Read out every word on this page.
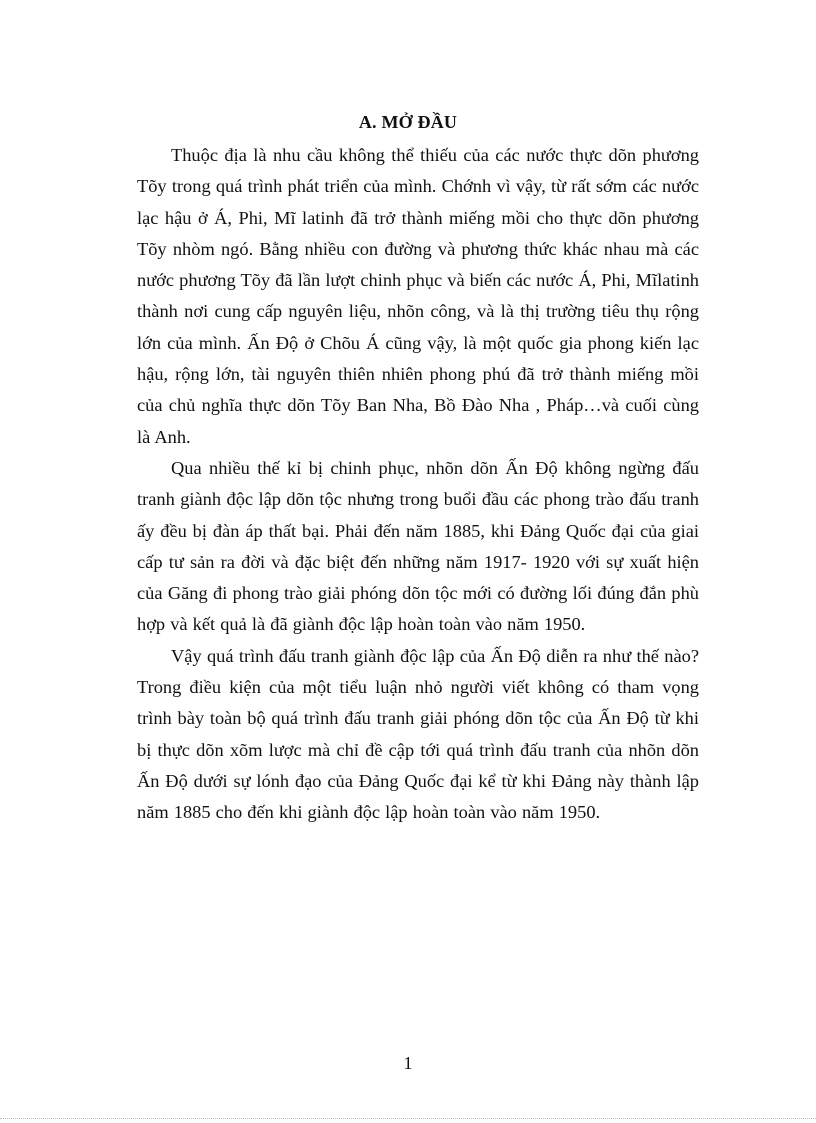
A. MỞ ĐẦU

Thuộc địa là nhu cầu không thể thiếu của các nước thực dõn phương Tõy trong quá trình phát triển của mình. Chớnh vì vậy, từ rất sớm các nước lạc hậu ở Á, Phi, Mĩ latinh đã trở thành miếng mồi cho thực dõn phương Tõy nhòm ngó. Bằng nhiều con đường và phương thức khác nhau mà các nước phương Tõy đã lần lượt chinh phục và biến các nước Á, Phi, Mĩlatinh thành nơi cung cấp nguyên liệu, nhõn công, và là thị trường tiêu thụ rộng lớn của mình. Ấn Độ ở Chõu Á cũng vậy, là một quốc gia phong kiến lạc hậu, rộng lớn, tài nguyên thiên nhiên phong phú đã trở thành miếng mồi của chủ nghĩa thực dõn Tõy Ban Nha, Bồ Đào Nha , Pháp…và cuối cùng là Anh.

Qua nhiều thế kỉ bị chinh phục, nhõn dõn Ấn Độ không ngừng đấu tranh giành độc lập dõn tộc nhưng trong buổi đầu các phong trào đấu tranh ấy đều bị đàn áp thất bại. Phải đến năm 1885, khi Đảng Quốc đại của giai cấp tư sản ra đời và đặc biệt đến những năm 1917- 1920 với sự xuất hiện của Găng đi phong trào giải phóng dõn tộc mới có đường lối đúng đắn phù hợp và kết quả là đã giành độc lập hoàn toàn vào năm 1950.

Vậy quá trình đấu tranh giành độc lập của Ấn Độ diễn ra như thế nào? Trong điều kiện của một tiểu luận nhỏ người viết không có tham vọng trình bày toàn bộ quá trình đấu tranh giải phóng dõn tộc của Ấn Độ từ khi bị thực dõn xõm lược mà chỉ đề cập tới quá trình đấu tranh của nhõn dõn Ấn Độ dưới sự lónh đạo của Đảng Quốc đại kể từ khi Đảng này thành lập năm 1885 cho đến khi giành độc lập hoàn toàn vào năm 1950.

1
